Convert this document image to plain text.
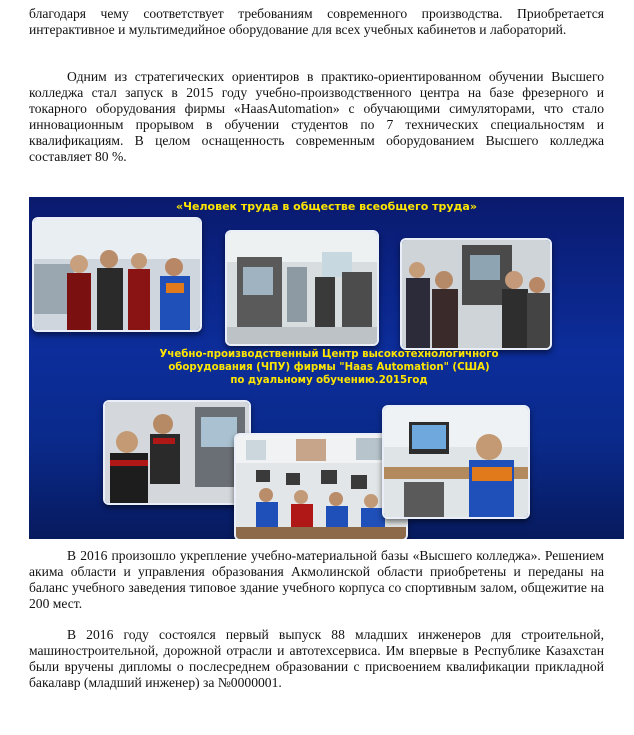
благодаря чему соответствует требованиям современного производства. Приобретается интерактивное и мультимедийное оборудование для всех учебных кабинетов и лабораторий.

Одним из стратегических ориентиров в практико-ориентированном обучении Высшего колледжа стал запуск в 2015 году учебно-производственного центра на базе фрезерного и токарного оборудования фирмы «HaasAutomation» с обучающими симуляторами, что стало инновационным прорывом в обучении студентов по 7 технических специальностям и квалификациям. В целом оснащенность современным оборудованием Высшего колледжа составляет 80 %.

«Человек труда в обществе всеобщего труда»
Учебно-производственный Центр высокотехнологичного
оборудования (ЧПУ) фирмы "Haas Automation" (США)
по дуальному обучению.2015год

В 2016 произошло укрепление учебно-материальной базы «Высшего колледжа». Решением акима области и управления образования Акмолинской области приобретены и переданы на баланс учебного заведения типовое здание учебного корпуса со спортивным залом, общежитие на 200 мест.

В 2016 году состоялся первый выпуск 88 младших инженеров для строительной, машиностроительной, дорожной отрасли и автотехсервиса. Им впервые в Республике Казахстан были вручены дипломы о послесреднем образовании с присвоением квалификации прикладной бакалавр (младший инженер) за №0000001.
